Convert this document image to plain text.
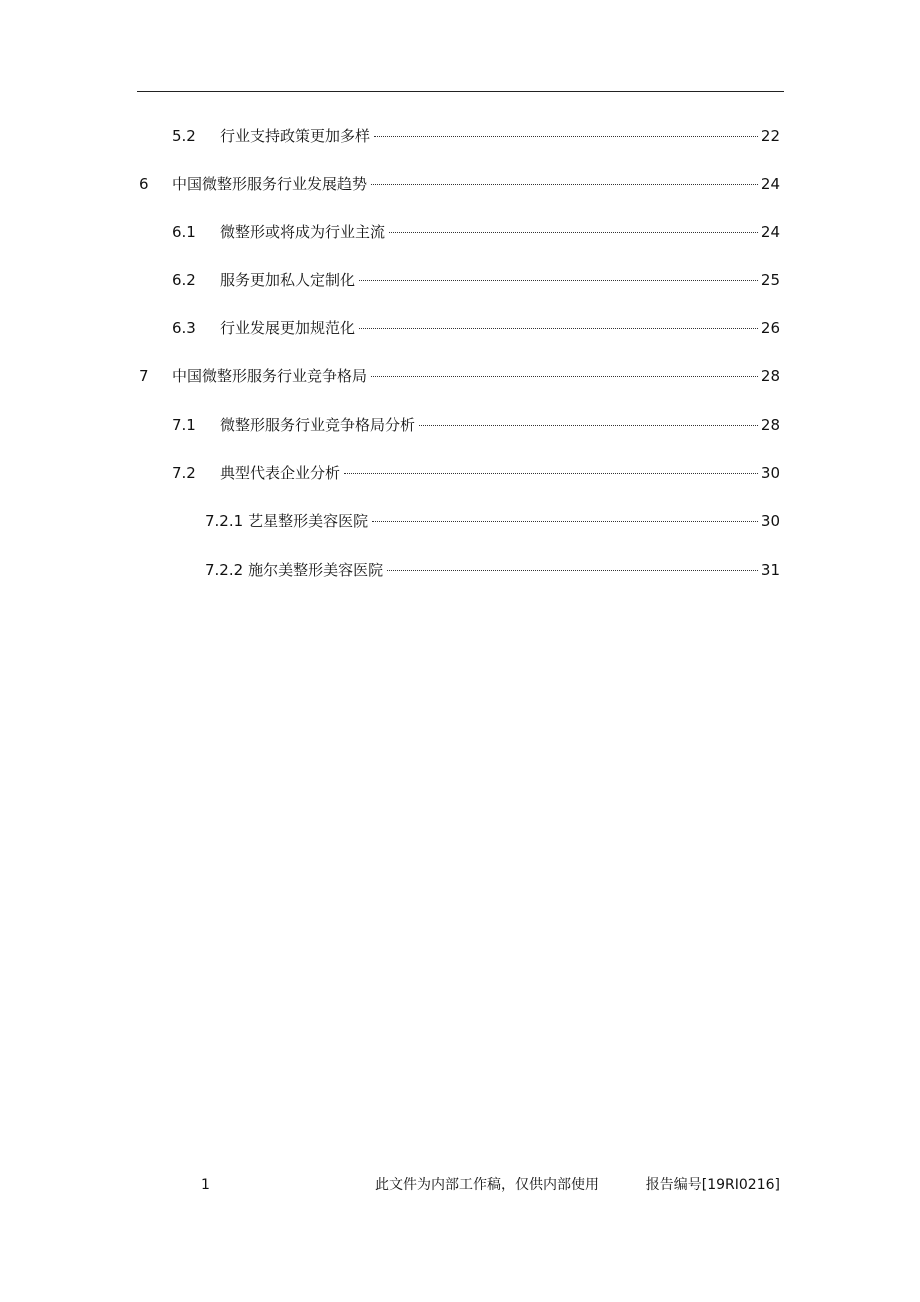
5.2	行业支持政策更加多样	22
6	中国微整形服务行业发展趋势	24
6.1	微整形或将成为行业主流	24
6.2	服务更加私人定制化	25
6.3	行业发展更加规范化	26
7	中国微整形服务行业竞争格局	28
7.1	微整形服务行业竞争格局分析	28
7.2	典型代表企业分析	30
7.2.1 艺星整形美容医院	30
7.2.2 施尔美整形美容医院	31
1	此文件为内部工作稿，仅供内部使用	报告编号[19RI0216]
